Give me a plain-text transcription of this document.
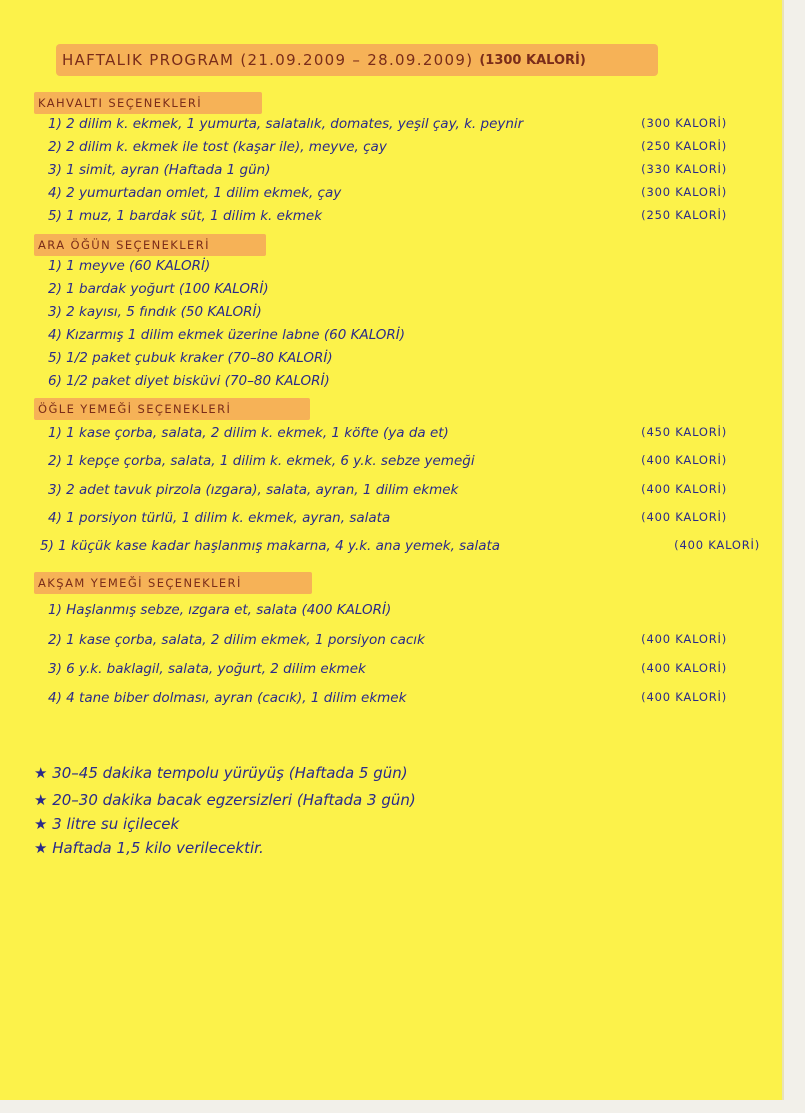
HAFTALIK PROGRAM (21.09.2009 – 28.09.2009) (1300 KALORİ)
KAHVALTI SEÇENEKLERİ
1) 2 dilim k. ekmek, 1 yumurta, salatalık, domates, yeşil çay, k. peynir	(300 KALORİ)
2) 2 dilim k. ekmek ile tost (kaşar ile), meyve, çay	(250 KALORİ)
3) 1 simit, ayran (Haftada 1 gün)	(330 KALORİ)
4) 2 yumurtadan omlet, 1 dilim ekmek, çay	(300 KALORİ)
5) 1 muz, 1 bardak süt, 1 dilim k. ekmek	(250 KALORİ)
ARA ÖĞÜN SEÇENEKLERİ
1) 1 meyve (60 KALORİ)
2) 1 bardak yoğurt (100 KALORİ)
3) 2 kayısı, 5 fındık (50 KALORİ)
4) Kızarmış 1 dilim ekmek üzerine labne (60 KALORİ)
5) 1/2 paket çubuk kraker (70–80 KALORİ)
6) 1/2 paket diyet bisküvi (70–80 KALORİ)
ÖĞLE YEMEĞİ SEÇENEKLERİ
1) 1 kase çorba, salata, 2 dilim k. ekmek, 1 köfte (ya da et)	(450 KALORİ)
2) 1 kepçe çorba, salata, 1 dilim k. ekmek, 6 y.k. sebze yemeği	(400 KALORİ)
3) 2 adet tavuk pirzola (ızgara), salata, ayran, 1 dilim ekmek	(400 KALORİ)
4) 1 porsiyon türlü, 1 dilim k. ekmek, ayran, salata	(400 KALORİ)
5) 1 küçük kase kadar haşlanmış makarna, 4 y.k. ana yemek, salata	(400 KALORİ)
AKŞAM YEMEĞİ SEÇENEKLERİ
1) Haşlanmış sebze, ızgara et, salata (400 KALORİ)
2) 1 kase çorba, salata, 2 dilim ekmek, 1 porsiyon cacık	(400 KALORİ)
3) 6 y.k. baklagil, salata, yoğurt, 2 dilim ekmek	(400 KALORİ)
4) 4 tane biber dolması, ayran (cacık), 1 dilim ekmek	(400 KALORİ)
★ 30–45 dakika tempolu yürüyüş (Haftada 5 gün)
★ 20–30 dakika bacak egzersizleri (Haftada 3 gün)
★ 3 litre su içilecek
★ Haftada 1,5 kilo verilecektir.
